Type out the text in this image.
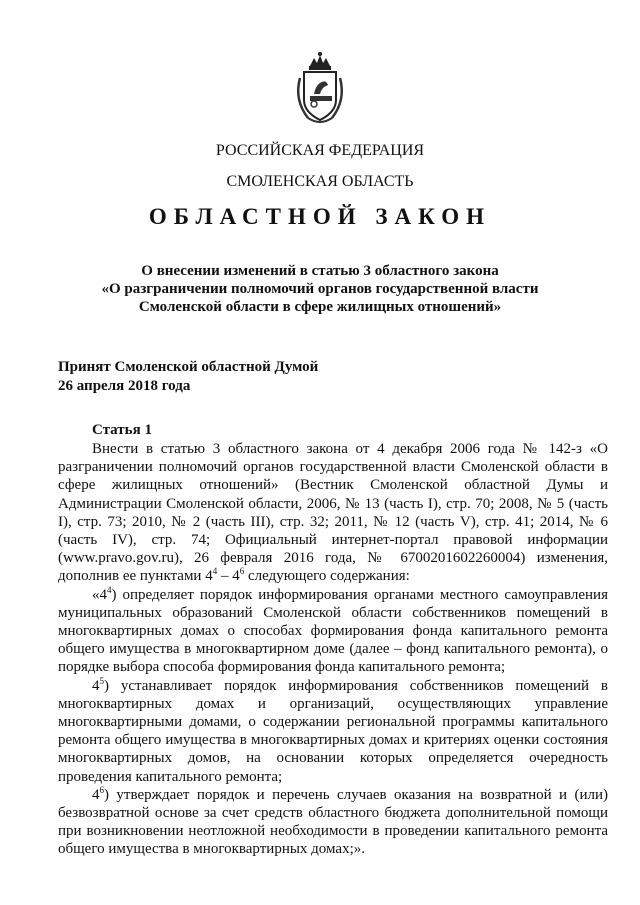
РОССИЙСКАЯ ФЕДЕРАЦИЯ
СМОЛЕНСКАЯ ОБЛАСТЬ
ОБЛАСТНОЙ ЗАКОН
О внесении изменений в статью 3 областного закона
«О разграничении полномочий органов государственной власти
Смоленской области в сфере жилищных отношений»
Принят Смоленской областной Думой
26 апреля 2018 года
Статья 1

Внести в статью 3 областного закона от 4 декабря 2006 года № 142-з «О разграничении полномочий органов государственной власти Смоленской области в сфере жилищных отношений» (Вестник Смоленской областной Думы и Администрации Смоленской области, 2006, № 13 (часть I), стр. 70; 2008, № 5 (часть I), стр. 73; 2010, № 2 (часть III), стр. 32; 2011, № 12 (часть V), стр. 41; 2014, № 6 (часть IV), стр. 74; Официальный интернет-портал правовой информации (www.pravo.gov.ru), 26 февраля 2016 года, № 6700201602260004) изменения, дополнив ее пунктами $4^4 - 4^6$ следующего содержания:

«$4^4$) определяет порядок информирования органами местного самоуправления муниципальных образований Смоленской области собственников помещений в многоквартирных домах о способах формирования фонда капитального ремонта общего имущества в многоквартирном доме (далее – фонд капитального ремонта), о порядке выбора способа формирования фонда капитального ремонта;

$4^5$) устанавливает порядок информирования собственников помещений в многоквартирных домах и организаций, осуществляющих управление многоквартирными домами, о содержании региональной программы капитального ремонта общего имущества в многоквартирных домах и критериях оценки состояния многоквартирных домов, на основании которых определяется очередность проведения капитального ремонта;

$4^6$) утверждает порядок и перечень случаев оказания на возвратной и (или) безвозвратной основе за счет средств областного бюджета дополнительной помощи при возникновении неотложной необходимости в проведении капитального ремонта общего имущества в многоквартирных домах;».
